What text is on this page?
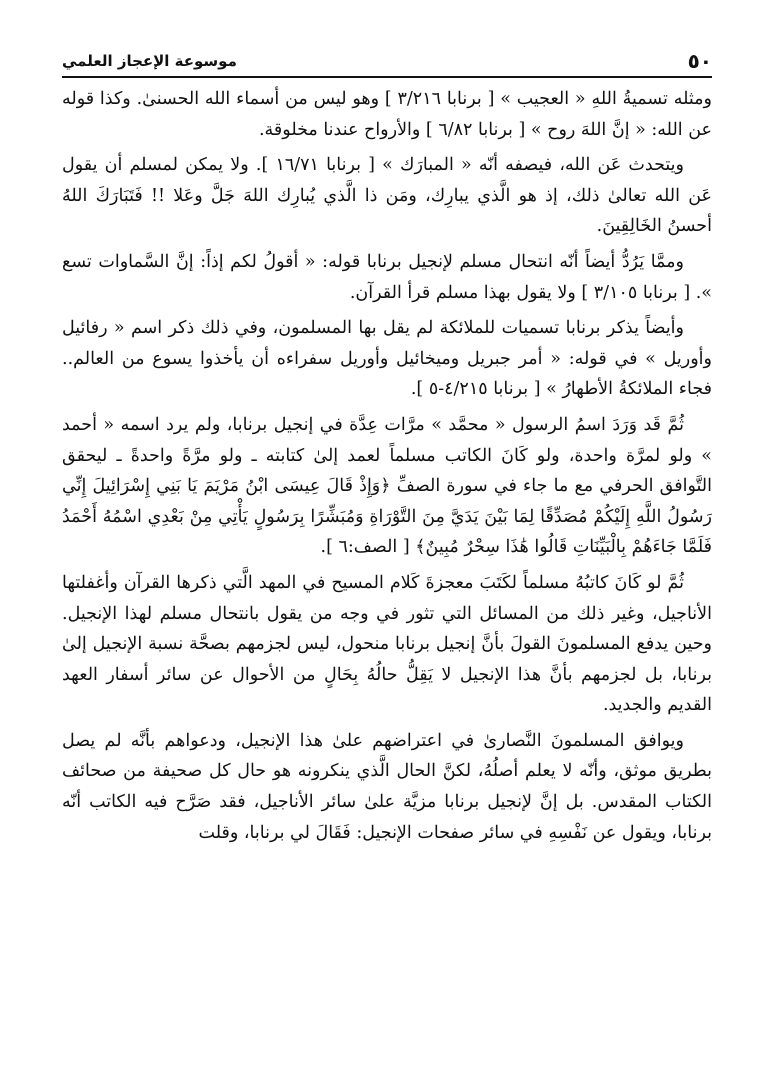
٥٠
موسوعة الإعجاز العلمي

ومثله تسميةُ اللهِ « العجيب » [ برنابا ٣/٢١٦ ] وهو ليس من أسماء الله الحسنىٰ. وكذا قوله عن الله: « إنَّ اللهَ روح » [ برنابا ٦/٨٢ ] والأرواح عندنا مخلوقة.

ويتحدث عَن الله، فيصفه أنّه « المبارَك » [ برنابا ١٦/٧١ ]. ولا يمكن لمسلم أن يقول عَن الله تعالىٰ ذلك، إذ هو الَّذي يبارِك، ومَن ذا الَّذي يُبارِك اللهَ جَلَّ وعَلا !! فَتَبَارَكَ اللهُ أحسنُ الخَالِقِينَ.

وممَّا يَرُدُّ أيضاً أنّه انتحال مسلم لإنجيل برنابا قوله: « أقولُ لكم إذاً: إنَّ السَّماوات تسع ». [ برنابا ٣/١٠٥ ] ولا يقول بهذا مسلم قرأ القرآن.

وأيضاً يذكر برنابا تسميات للملائكة لم يقل بها المسلمون، وفي ذلك ذكر اسم « رفائيل وأوريل » في قوله: « أمر جبريل وميخائيل وأوريل سفراءه أن يأخذوا يسوع من العالم.. فجاء الملائكةُ الأطهارُ » [ برنابا ٤/٢١٥-٥ ].

ثُمَّ قَد وَرَدَ اسمُ الرسول « محمَّد » مرَّات عِدَّة في إنجيل برنابا، ولم يرد اسمه « أحمد » ولو لمرَّة واحدة، ولو كَانَ الكاتب مسلماً لعمد إلىٰ كتابته ـ ولو مرَّةً واحدةً ـ ليحقق التَّوافق الحرفي مع ما جاء في سورة الصفِّ ﴿وَإِذْ قَالَ عِيسَى ابْنُ مَرْيَمَ يَا بَنِي إِسْرَائِيلَ إِنِّي رَسُولُ اللَّهِ إِلَيْكُمْ مُصَدِّقًا لِمَا بَيْنَ يَدَيَّ مِنَ التَّوْرَاةِ وَمُبَشِّرًا بِرَسُولٍ يَأْتِي مِنْ بَعْدِي اسْمُهُ أَحْمَدُ فَلَمَّا جَاءَهُمْ بِالْبَيِّنَاتِ قَالُوا هَٰذَا سِحْرٌ مُبِينٌ﴾ [ الصف:٦ ].

ثُمَّ لو كَانَ كاتبُهُ مسلماً لكَتَبَ معجزةَ كَلام المسيح في المهد الَّتي ذكرها القرآن وأغفلتها الأناجيل، وغير ذلك من المسائل التي تثور في وجه من يقول بانتحال مسلم لهذا الإنجيل. وحين يدفع المسلمونَ القولَ بأنَّ إنجيل برنابا منحول، ليس لجزمهم بصحَّة نسبة الإنجيل إلىٰ برنابا، بل لجزمهم بأنَّ هذا الإنجيل لا يَقِلُّ حالُهُ بِحَالٍ من الأحوال عن سائر أسفار العهد القديم والجديد.

ويوافق المسلمونَ النَّصارىٰ في اعتراضهم علىٰ هذا الإنجيل، ودعواهم بأنَّه لم يصل بطريق موثق، وأنّه لا يعلم أصلُهُ، لكنَّ الحال الَّذي ينكرونه هو حال كل صحيفة من صحائف الكتاب المقدس. بل إنَّ لإنجيل برنابا مزيَّة علىٰ سائر الأناجيل، فقد صَرَّح فيه الكاتب أنّه برنابا، ويقول عن نَفْسِهِ في سائر صفحات الإنجيل: فَقَالَ لي برنابا، وقلت
